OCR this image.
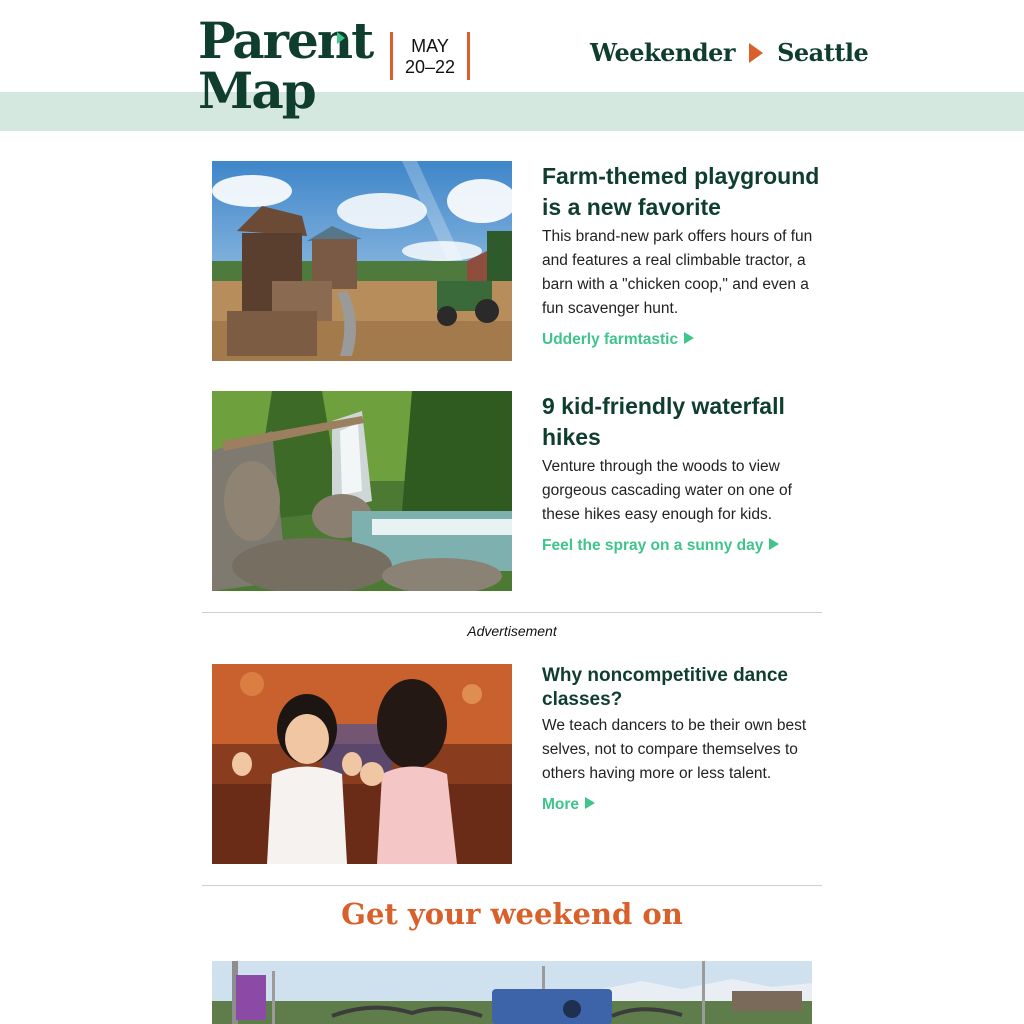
Parent
Map
MAY
20–22	Weekender Seattle
Farm-themed playground is a new favorite
This brand-new park offers hours of fun and features a real climbable tractor, a barn with a "chicken coop," and even a fun scavenger hunt.
Udderly farmtastic
9 kid-friendly waterfall hikes
Venture through the woods to view gorgeous cascading water on one of these hikes easy enough for kids.
Feel the spray on a sunny day
Advertisement
Why noncompetitive dance classes?
We teach dancers to be their own best selves, not to compare themselves to others having more or less talent.
More
Get your weekend on
